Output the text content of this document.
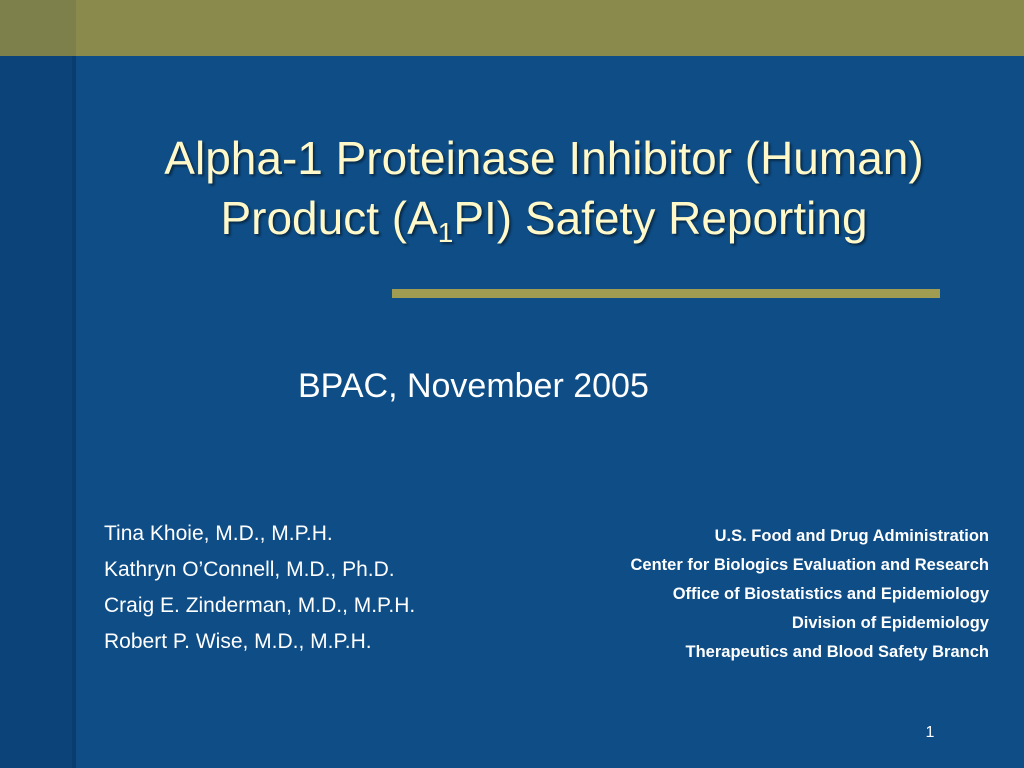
Alpha-1 Proteinase Inhibitor (Human)
Product $(A_1PI)$ Safety Reporting
BPAC, November 2005
Tina Khoie, M.D., M.P.H.
Kathryn O’Connell, M.D., Ph.D.
Craig E. Zinderman, M.D., M.P.H.
Robert P. Wise, M.D., M.P.H.
U.S. Food and Drug Administration
Center for Biologics Evaluation and Research
Office of Biostatistics and Epidemiology
Division of Epidemiology
Therapeutics and Blood Safety Branch
1
